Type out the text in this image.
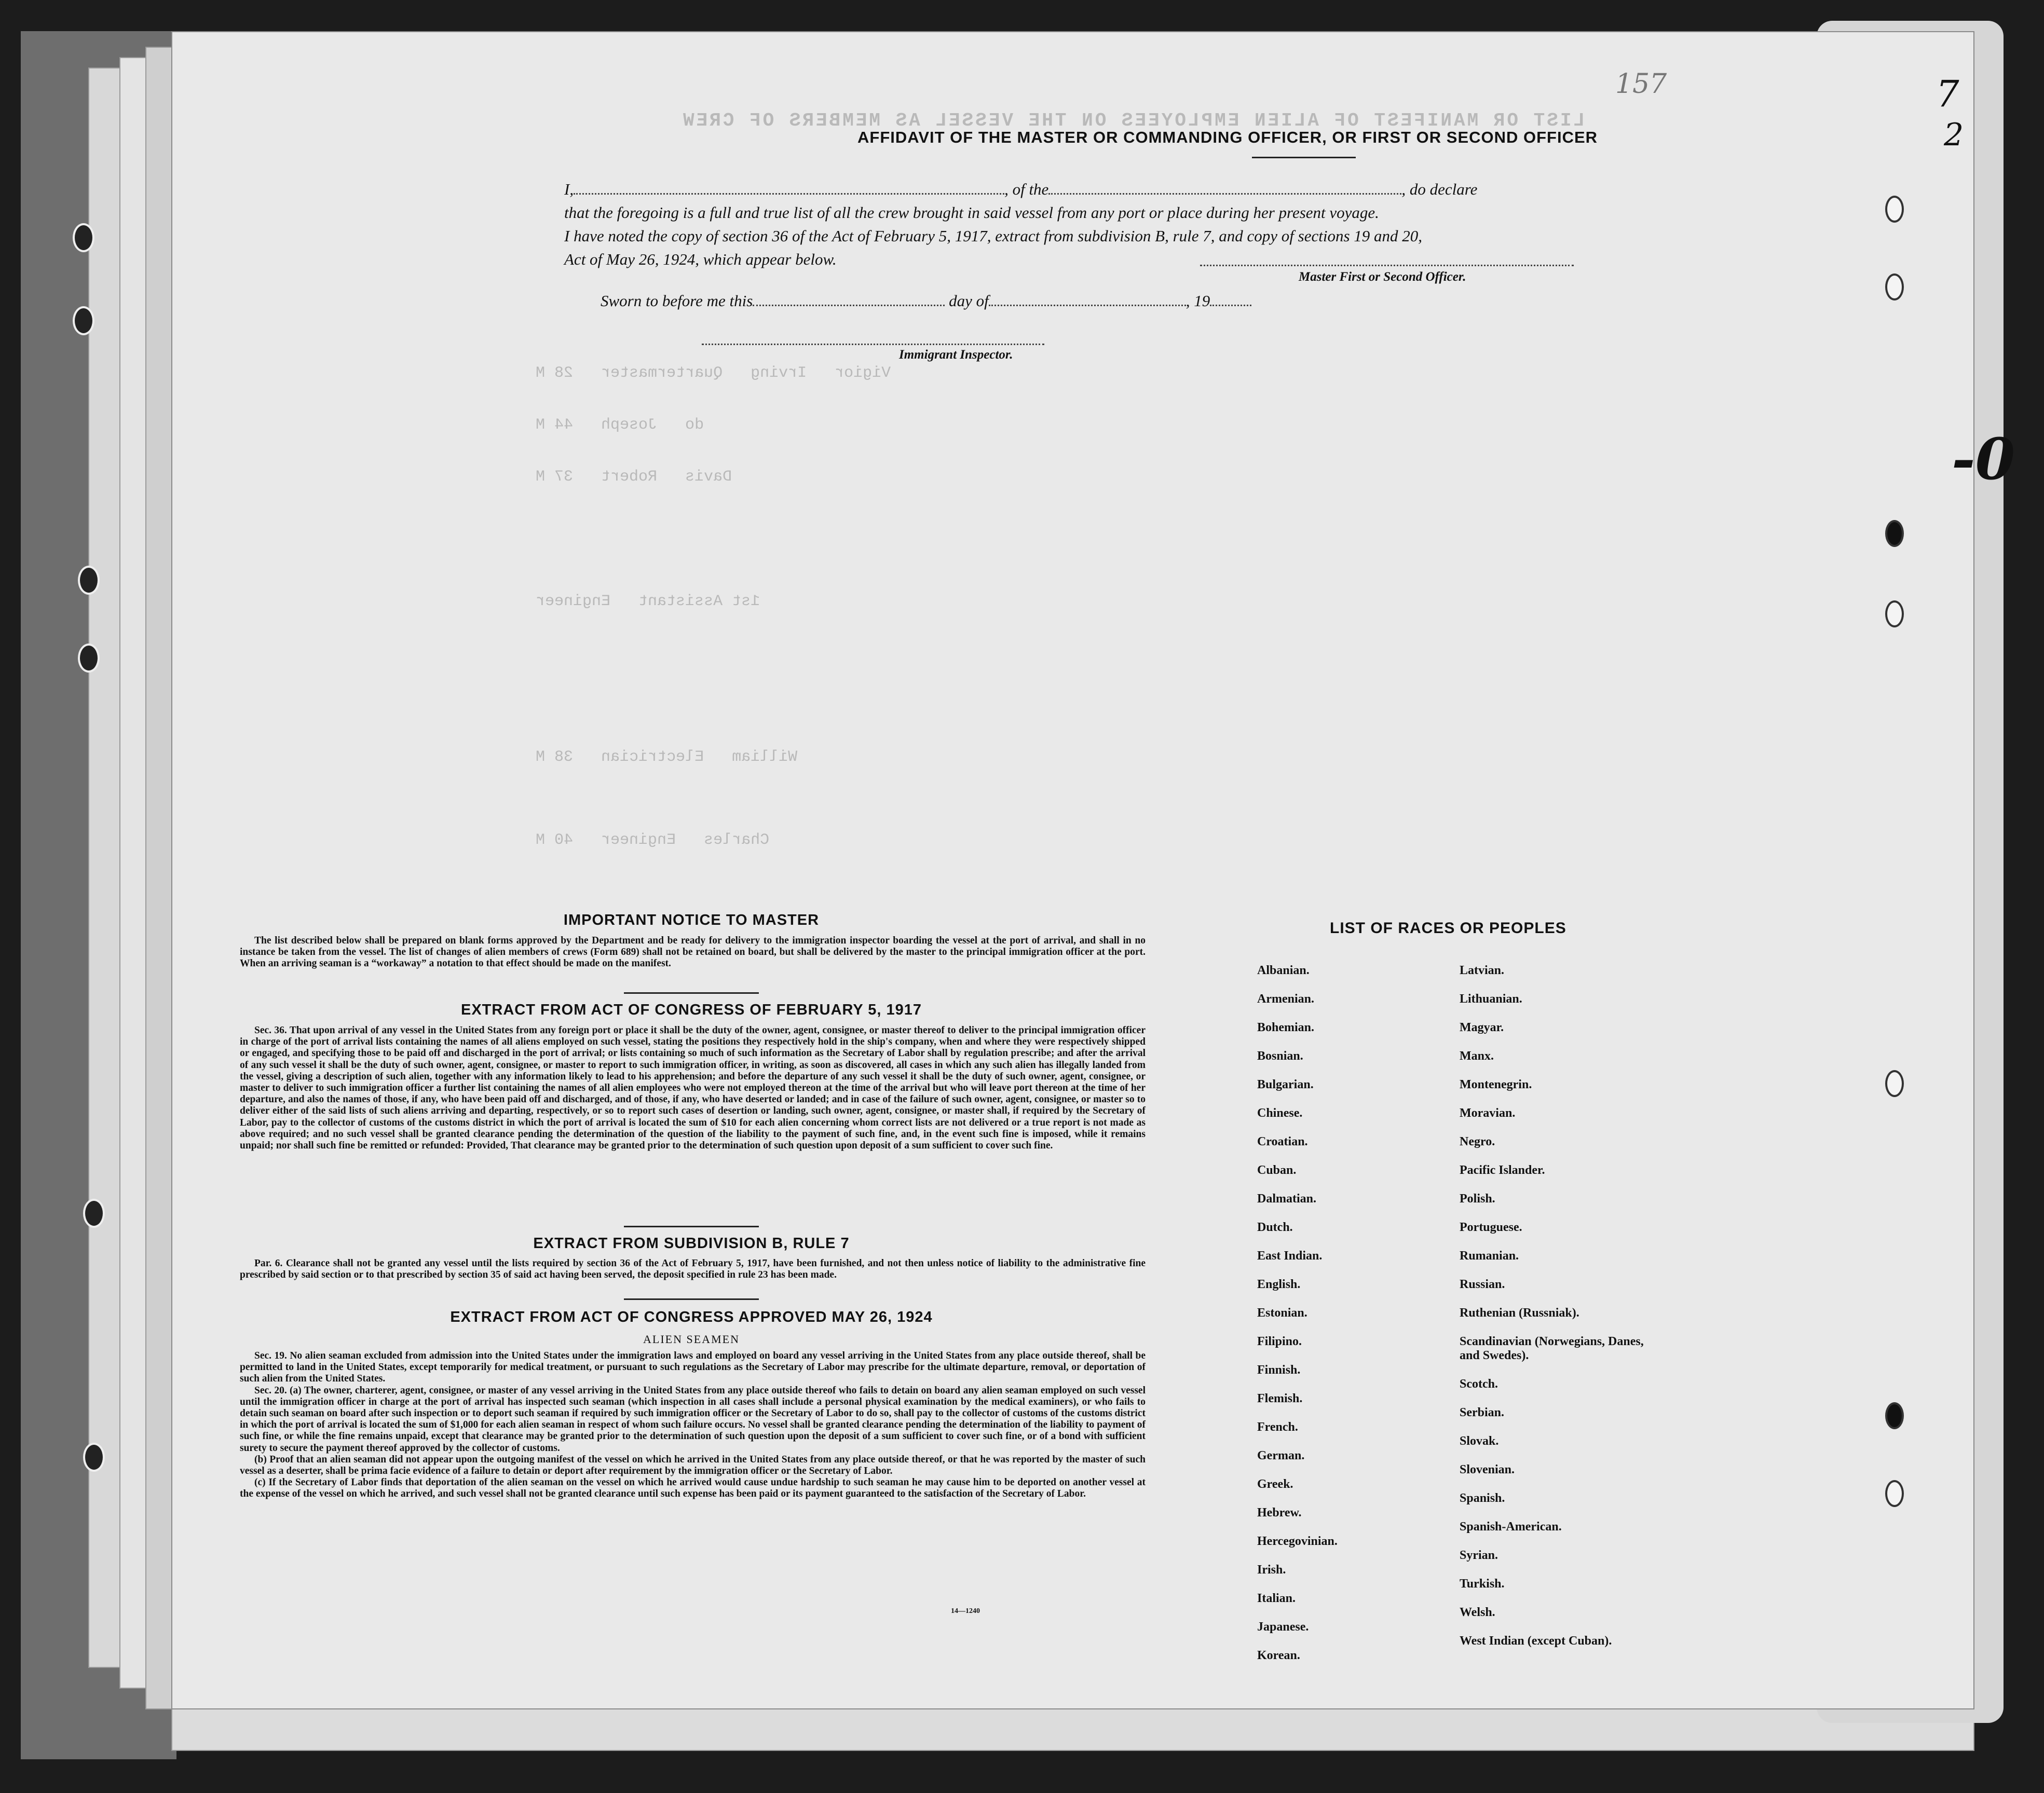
LIST OR MANIFEST OF ALIEN EMPLOYEES ON THE VESSEL AS MEMBERS OF CREW
Vigior   Irving   Quartermaster   28 M
do   Joseph   44 M
Davis   Robert   37 M
1st Assistant   Engineer
William   Electrician   38 M
Charles   Engineer   40 M
157
AFFIDAVIT OF THE MASTER OR COMMANDING OFFICER, OR FIRST OR SECOND OFFICER
I,	, of the	, do declare
that the foregoing is a full and true list of all the crew brought in said vessel from any port or place during her present voyage.
I have noted the copy of section 36 of the Act of February 5, 1917, extract from subdivision B, rule 7, and copy of sections 19 and 20,
Act of May 26, 1924, which appear below.
Master First or Second Officer.
Sworn to before me this	day of	, 19
Immigrant Inspector.
IMPORTANT NOTICE TO MASTER

The list described below shall be prepared on blank forms approved by the Department and be ready for delivery to the immigration inspector boarding the vessel at the port of arrival, and shall in no instance be taken from the vessel. The list of changes of alien members of crews (Form 689) shall not be retained on board, but shall be delivered by the master to the principal immigration officer at the port. When an arriving seaman is a “workaway” a notation to that effect should be made on the manifest.

EXTRACT FROM ACT OF CONGRESS OF FEBRUARY 5, 1917

Sec. 36. That upon arrival of any vessel in the United States from any foreign port or place it shall be the duty of the owner, agent, consignee, or master thereof to deliver to the principal immigration officer in charge of the port of arrival lists containing the names of all aliens employed on such vessel, stating the positions they respectively hold in the ship's company, when and where they were respectively shipped or engaged, and specifying those to be paid off and discharged in the port of arrival; or lists containing so much of such information as the Secretary of Labor shall by regulation prescribe; and after the arrival of any such vessel it shall be the duty of such owner, agent, consignee, or master to report to such immigration officer, in writing, as soon as discovered, all cases in which any such alien has illegally landed from the vessel, giving a description of such alien, together with any information likely to lead to his apprehension; and before the departure of any such vessel it shall be the duty of such owner, agent, consignee, or master to deliver to such immigration officer a further list containing the names of all alien employees who were not employed thereon at the time of the arrival but who will leave port thereon at the time of her departure, and also the names of those, if any, who have been paid off and discharged, and of those, if any, who have deserted or landed; and in case of the failure of such owner, agent, consignee, or master so to deliver either of the said lists of such aliens arriving and departing, respectively, or so to report such cases of desertion or landing, such owner, agent, consignee, or master shall, if required by the Secretary of Labor, pay to the collector of customs of the customs district in which the port of arrival is located the sum of $10 for each alien concerning whom correct lists are not delivered or a true report is not made as above required; and no such vessel shall be granted clearance pending the determination of the question of the liability to the payment of such fine, and, in the event such fine is imposed, while it remains unpaid; nor shall such fine be remitted or refunded: Provided, That clearance may be granted prior to the determination of such question upon deposit of a sum sufficient to cover such fine.

EXTRACT FROM SUBDIVISION B, RULE 7

Par. 6. Clearance shall not be granted any vessel until the lists required by section 36 of the Act of February 5, 1917, have been furnished, and not then unless notice of liability to the administrative fine prescribed by said section or to that prescribed by section 35 of said act having been served, the deposit specified in rule 23 has been made.

EXTRACT FROM ACT OF CONGRESS APPROVED MAY 26, 1924
ALIEN SEAMEN

Sec. 19. No alien seaman excluded from admission into the United States under the immigration laws and employed on board any vessel arriving in the United States from any place outside thereof, shall be permitted to land in the United States, except temporarily for medical treatment, or pursuant to such regulations as the Secretary of Labor may prescribe for the ultimate departure, removal, or deportation of such alien from the United States.

Sec. 20. (a) The owner, charterer, agent, consignee, or master of any vessel arriving in the United States from any place outside thereof who fails to detain on board any alien seaman employed on such vessel until the immigration officer in charge at the port of arrival has inspected such seaman (which inspection in all cases shall include a personal physical examination by the medical examiners), or who fails to detain such seaman on board after such inspection or to deport such seaman if required by such immigration officer or the Secretary of Labor to do so, shall pay to the collector of customs of the customs district in which the port of arrival is located the sum of $1,000 for each alien seaman in respect of whom such failure occurs. No vessel shall be granted clearance pending the determination of the liability to payment of such fine, or while the fine remains unpaid, except that clearance may be granted prior to the determination of such question upon the deposit of a sum sufficient to cover such fine, or of a bond with sufficient surety to secure the payment thereof approved by the collector of customs.

(b) Proof that an alien seaman did not appear upon the outgoing manifest of the vessel on which he arrived in the United States from any place outside thereof, or that he was reported by the master of such vessel as a deserter, shall be prima facie evidence of a failure to detain or deport after requirement by the immigration officer or the Secretary of Labor.

(c) If the Secretary of Labor finds that deportation of the alien seaman on the vessel on which he arrived would cause undue hardship to such seaman he may cause him to be deported on another vessel at the expense of the vessel on which he arrived, and such vessel shall not be granted clearance until such expense has been paid or its payment guaranteed to the satisfaction of the Secretary of Labor.

14—1240
LIST OF RACES OR PEOPLES
Albanian.
Armenian.
Bohemian.
Bosnian.
Bulgarian.
Chinese.
Croatian.
Cuban.
Dalmatian.
Dutch.
East Indian.
English.
Estonian.
Filipino.
Finnish.
Flemish.
French.
German.
Greek.
Hebrew.
Hercegovinian.
Irish.
Italian.
Japanese.
Korean.
Latvian.
Lithuanian.
Magyar.
Manx.
Montenegrin.
Moravian.
Negro.
Pacific Islander.
Polish.
Portuguese.
Rumanian.
Russian.
Ruthenian (Russniak).
Scandinavian (Norwegians, Danes, and Swedes).
Scotch.
Serbian.
Slovak.
Slovenian.
Spanish.
Spanish-American.
Syrian.
Turkish.
Welsh.
West Indian (except Cuban).
7
2
-0
